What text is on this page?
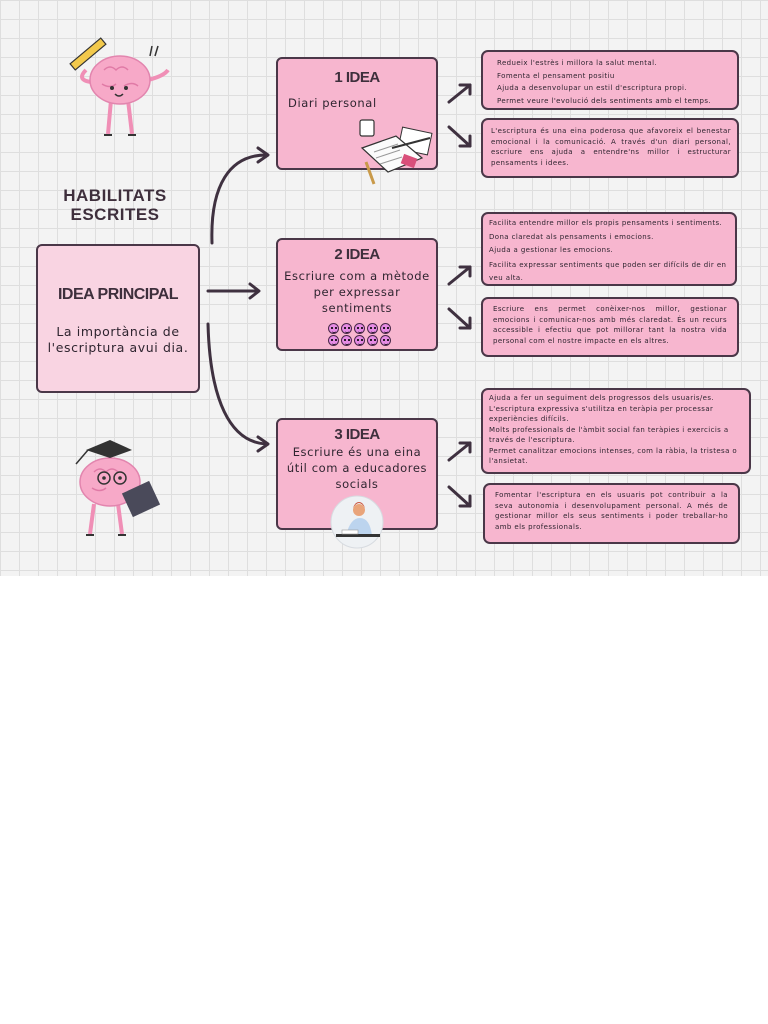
HABILITATS
ESCRITES
IDEA PRINCIPAL
La importància de l'escriptura avui dia.
1 IDEA
Diari personal
2 IDEA
Escriure com a mètode per expressar sentiments
3 IDEA
Escriure és una eina útil com a educadores socials

Redueix l'estrès i millora la salut mental.

Fomenta el pensament positiu

Ajuda a desenvolupar un estil d'escriptura propi.

Permet veure l'evolució dels sentiments amb el temps.

L'escriptura és una eina poderosa que afavoreix el benestar emocional i la comunicació. A través d'un diari personal, escriure ens ajuda a entendre'ns millor i estructurar pensaments i idees.

Facilita entendre millor els propis pensaments i sentiments.

Dona claredat als pensaments i emocions.

Ajuda a gestionar les emocions.

Facilita expressar sentiments que poden ser difícils de dir en veu alta.

Escriure ens permet conèixer-nos millor, gestionar emocions i comunicar-nos amb més claredat. És un recurs accessible i efectiu que pot millorar tant la nostra vida personal com el nostre impacte en els altres.

Ajuda a fer un seguiment dels progressos dels usuaris/es. L'escriptura expressiva s'utilitza en teràpia per processar experiències difícils.

Molts professionals de l'àmbit social fan teràpies i exercicis a través de l'escriptura.

Permet canalitzar emocions intenses, com la ràbia, la tristesa o l'ansietat.

Fomentar l'escriptura en els usuaris pot contribuir a la seva autonomia i desenvolupament personal. A més de gestionar millor els seus sentiments i poder treballar-ho amb els professionals.
